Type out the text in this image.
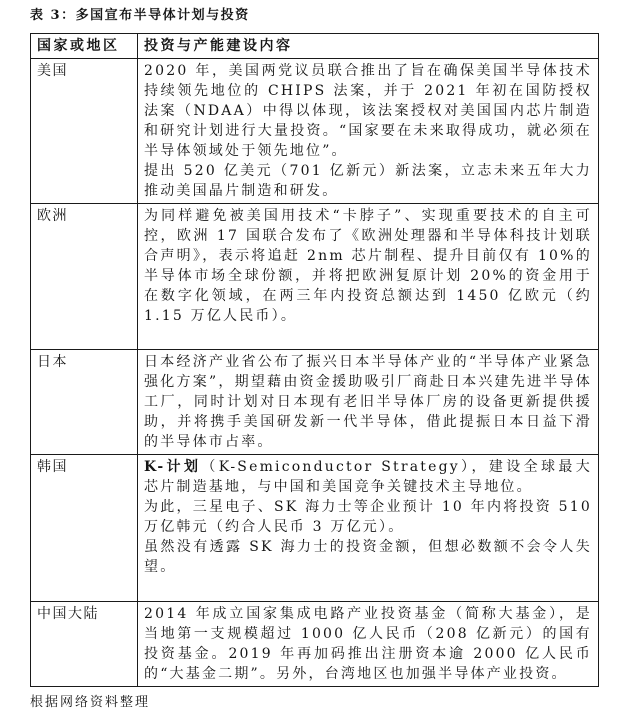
表 3：多国宣布半导体计划与投资
国家或地区	投资与产能建设内容
美国	2020 年，美国两党议员联合推出了旨在确保美国半导体技术持续领先地位的 CHIPS 法案，并于 2021 年初在国防授权法案（NDAA）中得以体现，该法案授权对美国国内芯片制造和研究计划进行大量投资。“国家要在未来取得成功，就必须在半导体领域处于领先地位”。

提出 520 亿美元（701 亿新元）新法案，立志未来五年大力推动美国晶片制造和研发。

欧洲	为同样避免被美国用技术“卡脖子”、实现重要技术的自主可控，欧洲 17 国联合发布了《欧洲处理器和半导体科技计划联合声明》，表示将追赶 2nm 芯片制程、提升目前仅有 10%的半导体市场全球份额，并将把欧洲复原计划 20%的资金用于在数字化领域，在两三年内投资总额达到 1450 亿欧元（约 1.15 万亿人民币）。

日本	日本经济产业省公布了振兴日本半导体产业的“半导体产业紧急强化方案”，期望藉由资金援助吸引厂商赴日本兴建先进半导体工厂，同时计划对日本现有老旧半导体厂房的设备更新提供援助，并将携手美国研发新一代半导体，借此提振日本日益下滑的半导体市占率。

韩国	K-计划（K-Semiconductor Strategy），建设全球最大芯片制造基地，与中国和美国竞争关键技术主导地位。

为此，三星电子、SK 海力士等企业预计 10 年内将投资 510 万亿韩元（约合人民币 3 万亿元）。

虽然没有透露 SK 海力士的投资金额，但想必数额不会令人失望。

中国大陆	2014 年成立国家集成电路产业投资基金（简称大基金），是当地第一支规模超过 1000 亿人民币（208 亿新元）的国有投资基金。2019 年再加码推出注册资本逾 2000 亿人民币的“大基金二期”。另外，台湾地区也加强半导体产业投资。

根据网络资料整理
